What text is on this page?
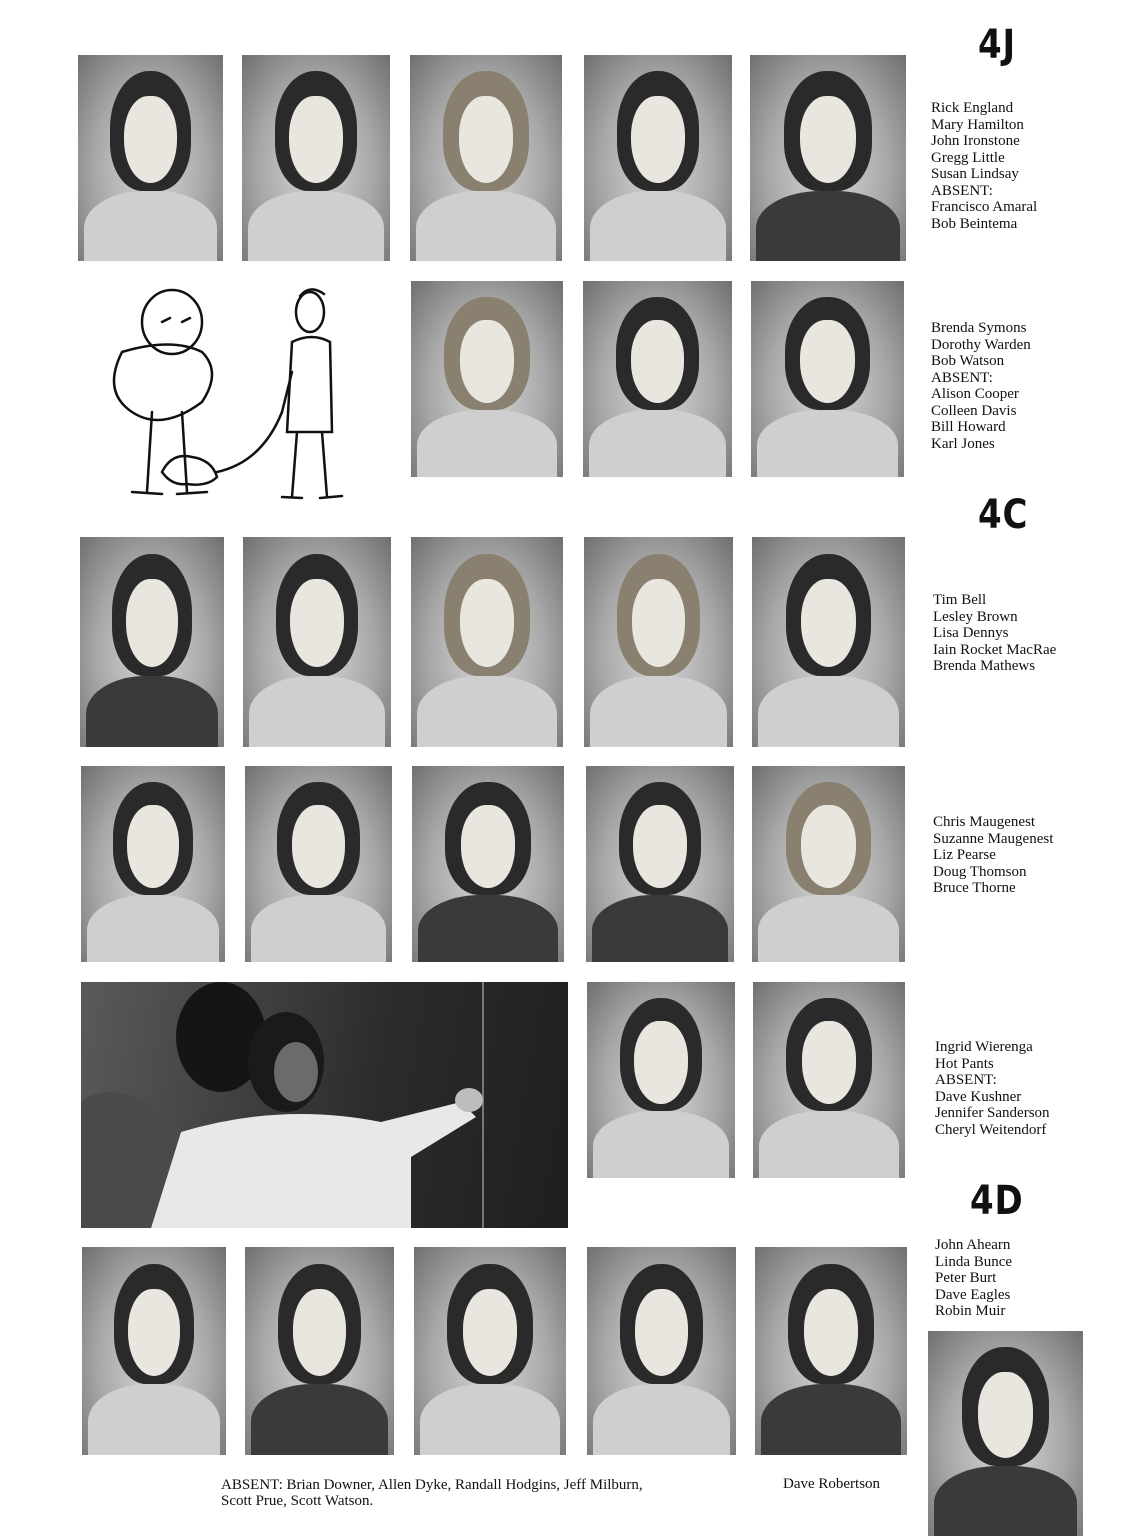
4J
Rick England
Mary Hamilton
John Ironstone
Gregg Little
Susan Lindsay
ABSENT:
Francisco Amaral
Bob Beintema
Brenda Symons
Dorothy Warden
Bob Watson
ABSENT:
Alison Cooper
Colleen Davis
Bill Howard
Karl Jones
4C
Tim Bell
Lesley Brown
Lisa Dennys
Iain Rocket MacRae
Brenda Mathews
Chris Maugenest
Suzanne Maugenest
Liz Pearse
Doug Thomson
Bruce Thorne
Ingrid Wierenga
Hot Pants
ABSENT:
Dave Kushner
Jennifer Sanderson
Cheryl Weitendorf
4D
John Ahearn
Linda Bunce
Peter Burt
Dave Eagles
Robin Muir
ABSENT: Brian Downer, Allen Dyke, Randall Hodgins, Jeff Milburn,
Scott Prue, Scott Watson.
Dave Robertson
